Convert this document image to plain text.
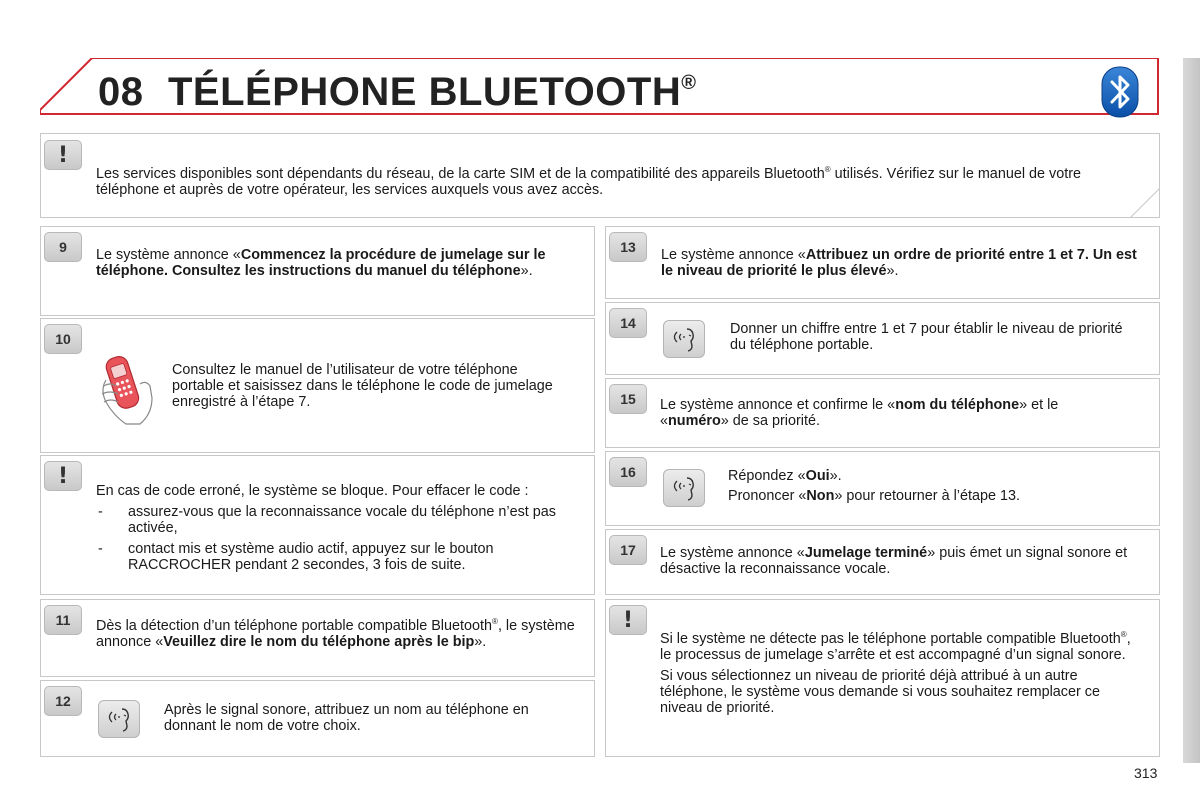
08 TÉLÉPHONE BLUETOOTH®
!
Les services disponibles sont dépendants du réseau, de la carte SIM et de la compatibilité des appareils Bluetooth® utilisés. Vérifiez sur le manuel de votre téléphone et auprès de votre opérateur, les services auxquels vous avez accès.
9	Le système annonce «Commencez la procédure de jumelage sur le téléphone. Consultez les instructions du manuel du téléphone».
10
Consultez le manuel de l’utilisateur de votre téléphone portable et saisissez dans le téléphone le code de jumelage enregistré à l’étape 7.
!

En cas de code erroné, le système se bloque. Pour effacer le code :

- assurez-vous que la reconnaissance vocale du téléphone n’est pas activée,
- contact mis et système audio actif, appuyez sur le bouton RACCROCHER pendant 2 secondes, 3 fois de suite.
11	Dès la détection d’un téléphone portable compatible Bluetooth®, le système annonce «Veuillez dire le nom du téléphone après le bip».
12
Après le signal sonore, attribuez un nom au téléphone en donnant le nom de votre choix.
13	Le système annonce «Attribuez un ordre de priorité entre 1 et 7. Un est le niveau de priorité le plus élevé».
14	Donner un chiffre entre 1 et 7 pour établir le niveau de priorité du téléphone portable.
15	Le système annonce et confirme le «nom du téléphone» et le «numéro» de sa priorité.
16	Répondez «Oui».

Prononcer «Non» pour retourner à l’étape 13.

17	Le système annonce «Jumelage terminé» puis émet un signal sonore et désactive la reconnaissance vocale.
!

Si le système ne détecte pas le téléphone portable compatible Bluetooth®, le processus de jumelage s’arrête et est accompagné d’un signal sonore.

Si vous sélectionnez un niveau de priorité déjà attribué à un autre téléphone, le système vous demande si vous souhaitez remplacer ce niveau de priorité.

313
